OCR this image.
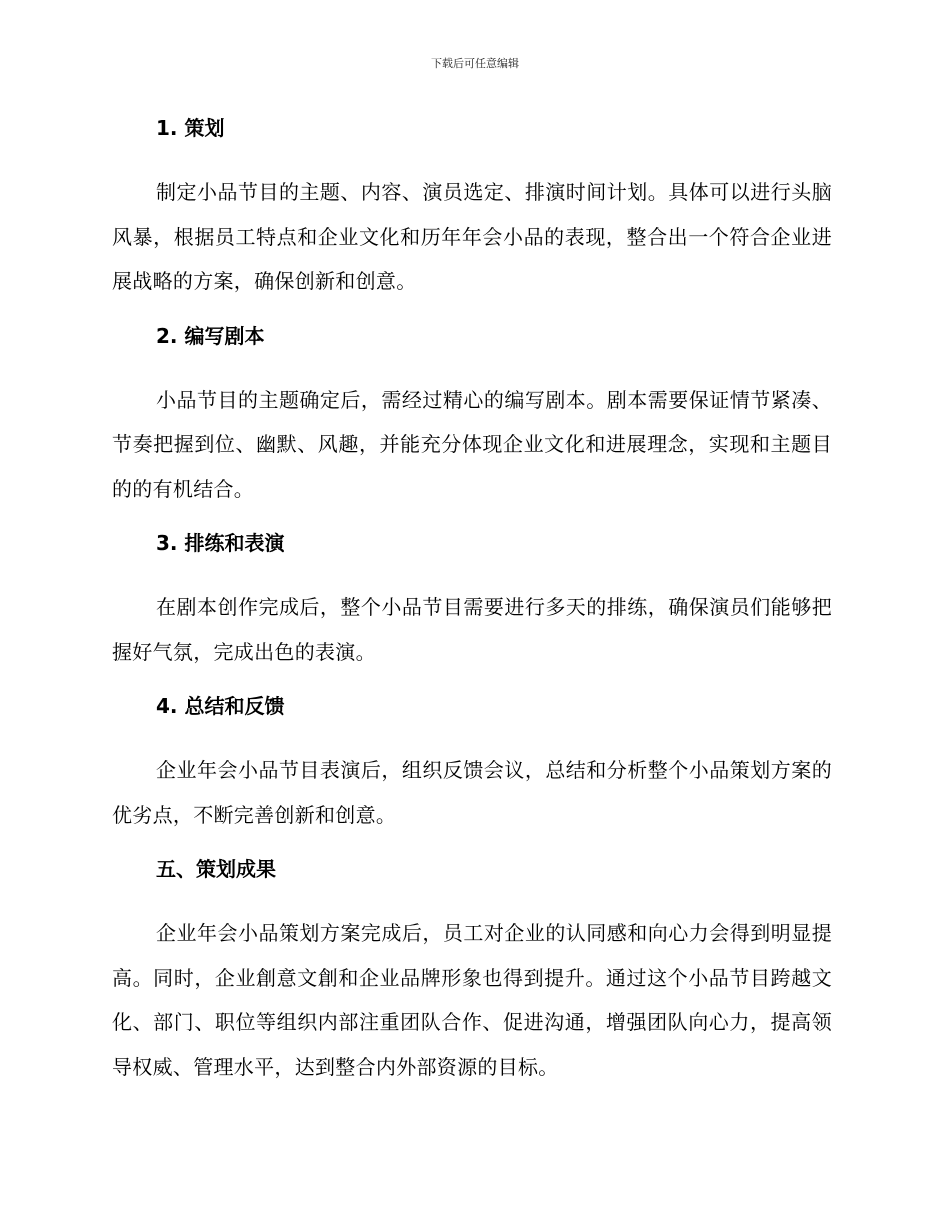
下载后可任意编辑
1. 策划

制定小品节目的主题、内容、演员选定、排演时间计划。具体可以进行头脑风暴，根据员工特点和企业文化和历年年会小品的表现，整合出一个符合企业进展战略的方案，确保创新和创意。

2. 编写剧本

小品节目的主题确定后，需经过精心的编写剧本。剧本需要保证情节紧凑、节奏把握到位、幽默、风趣，并能充分体现企业文化和进展理念，实现和主题目的的有机结合。

3. 排练和表演

在剧本创作完成后，整个小品节目需要进行多天的排练，确保演员们能够把握好气氛，完成出色的表演。

4. 总结和反馈

企业年会小品节目表演后，组织反馈会议，总结和分析整个小品策划方案的优劣点，不断完善创新和创意。

五、策划成果

企业年会小品策划方案完成后，员工对企业的认同感和向心力会得到明显提高。同时，企业創意文創和企业品牌形象也得到提升。通过这个小品节目跨越文化、部门、职位等组织内部注重团队合作、促进沟通，增强团队向心力，提高领导权威、管理水平，达到整合内外部资源的目标。
